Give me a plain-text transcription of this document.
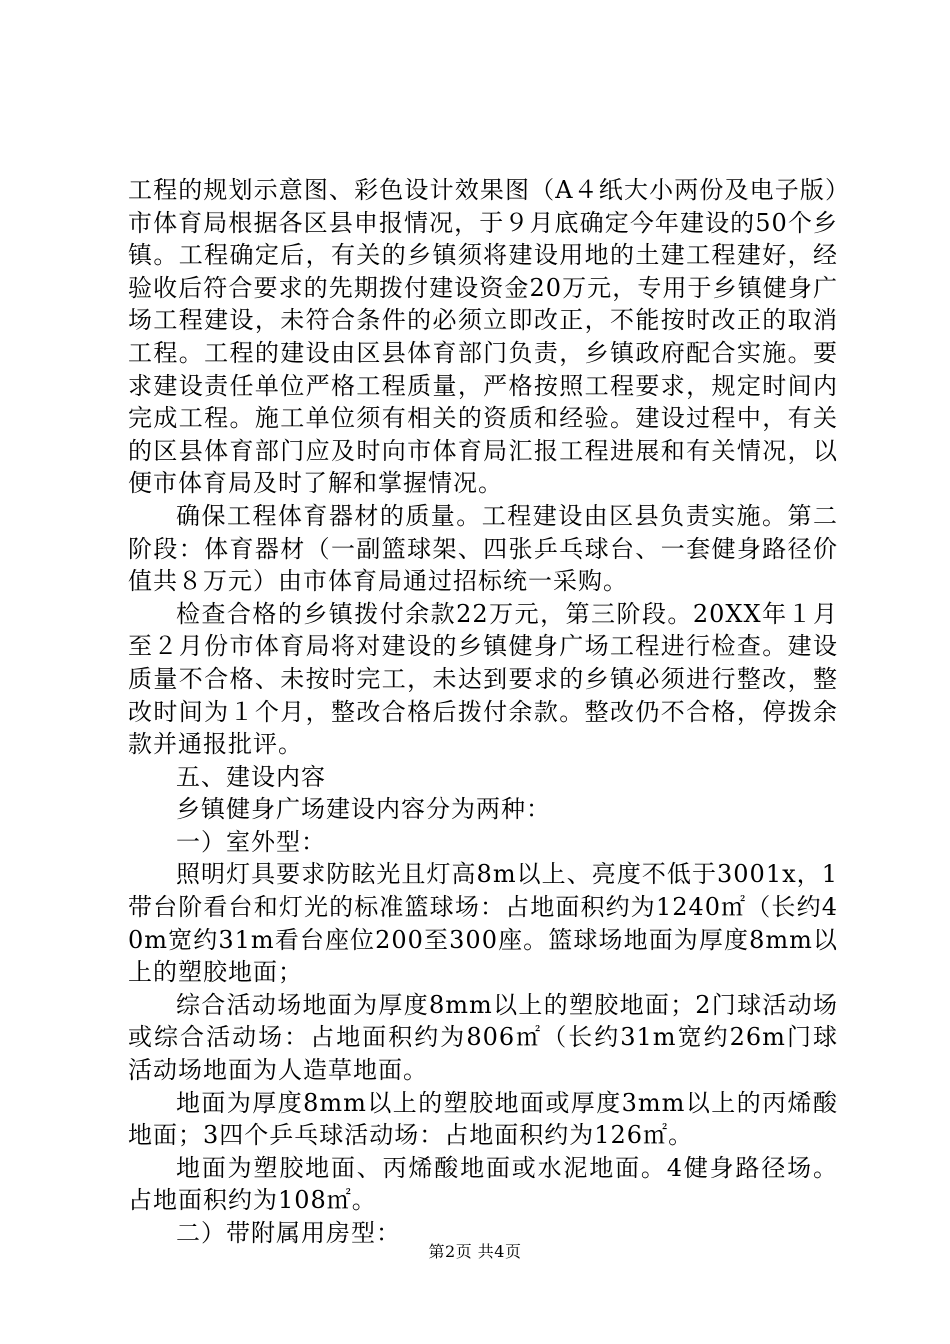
工程的规划示意图、彩色设计效果图（A４纸大小两份及电子版）市体育局根据各区县申报情况，于９月底确定今年建设的50个乡镇。工程确定后，有关的乡镇须将建设用地的土建工程建好，经验收后符合要求的先期拨付建设资金20万元，专用于乡镇健身广场工程建设，未符合条件的必须立即改正，不能按时改正的取消工程。工程的建设由区县体育部门负责，乡镇政府配合实施。要求建设责任单位严格工程质量，严格按照工程要求，规定时间内完成工程。施工单位须有相关的资质和经验。建设过程中，有关的区县体育部门应及时向市体育局汇报工程进展和有关情况，以便市体育局及时了解和掌握情况。

确保工程体育器材的质量。工程建设由区县负责实施。第二阶段：体育器材（一副篮球架、四张乒乓球台、一套健身路径价值共８万元）由市体育局通过招标统一采购。

检查合格的乡镇拨付余款22万元，第三阶段。20XX年１月至２月份市体育局将对建设的乡镇健身广场工程进行检查。建设质量不合格、未按时完工，未达到要求的乡镇必须进行整改，整改时间为１个月，整改合格后拨付余款。整改仍不合格，停拨余款并通报批评。

五、建设内容

乡镇健身广场建设内容分为两种：

一）室外型：

照明灯具要求防眩光且灯高8m以上、亮度不低于3001x，1带台阶看台和灯光的标准篮球场：占地面积约为1240㎡（长约40m宽约31m看台座位200至300座。篮球场地面为厚度8mm以上的塑胶地面；

综合活动场地面为厚度8mm以上的塑胶地面；2门球活动场或综合活动场：占地面积约为806㎡（长约31m宽约26m门球活动场地面为人造草地面。

地面为厚度8mm以上的塑胶地面或厚度3mm以上的丙烯酸地面；3四个乒乓球活动场：占地面积约为126㎡。

地面为塑胶地面、丙烯酸地面或水泥地面。4健身路径场。占地面积约为108㎡。

二）带附属用房型：

第2页 共4页
